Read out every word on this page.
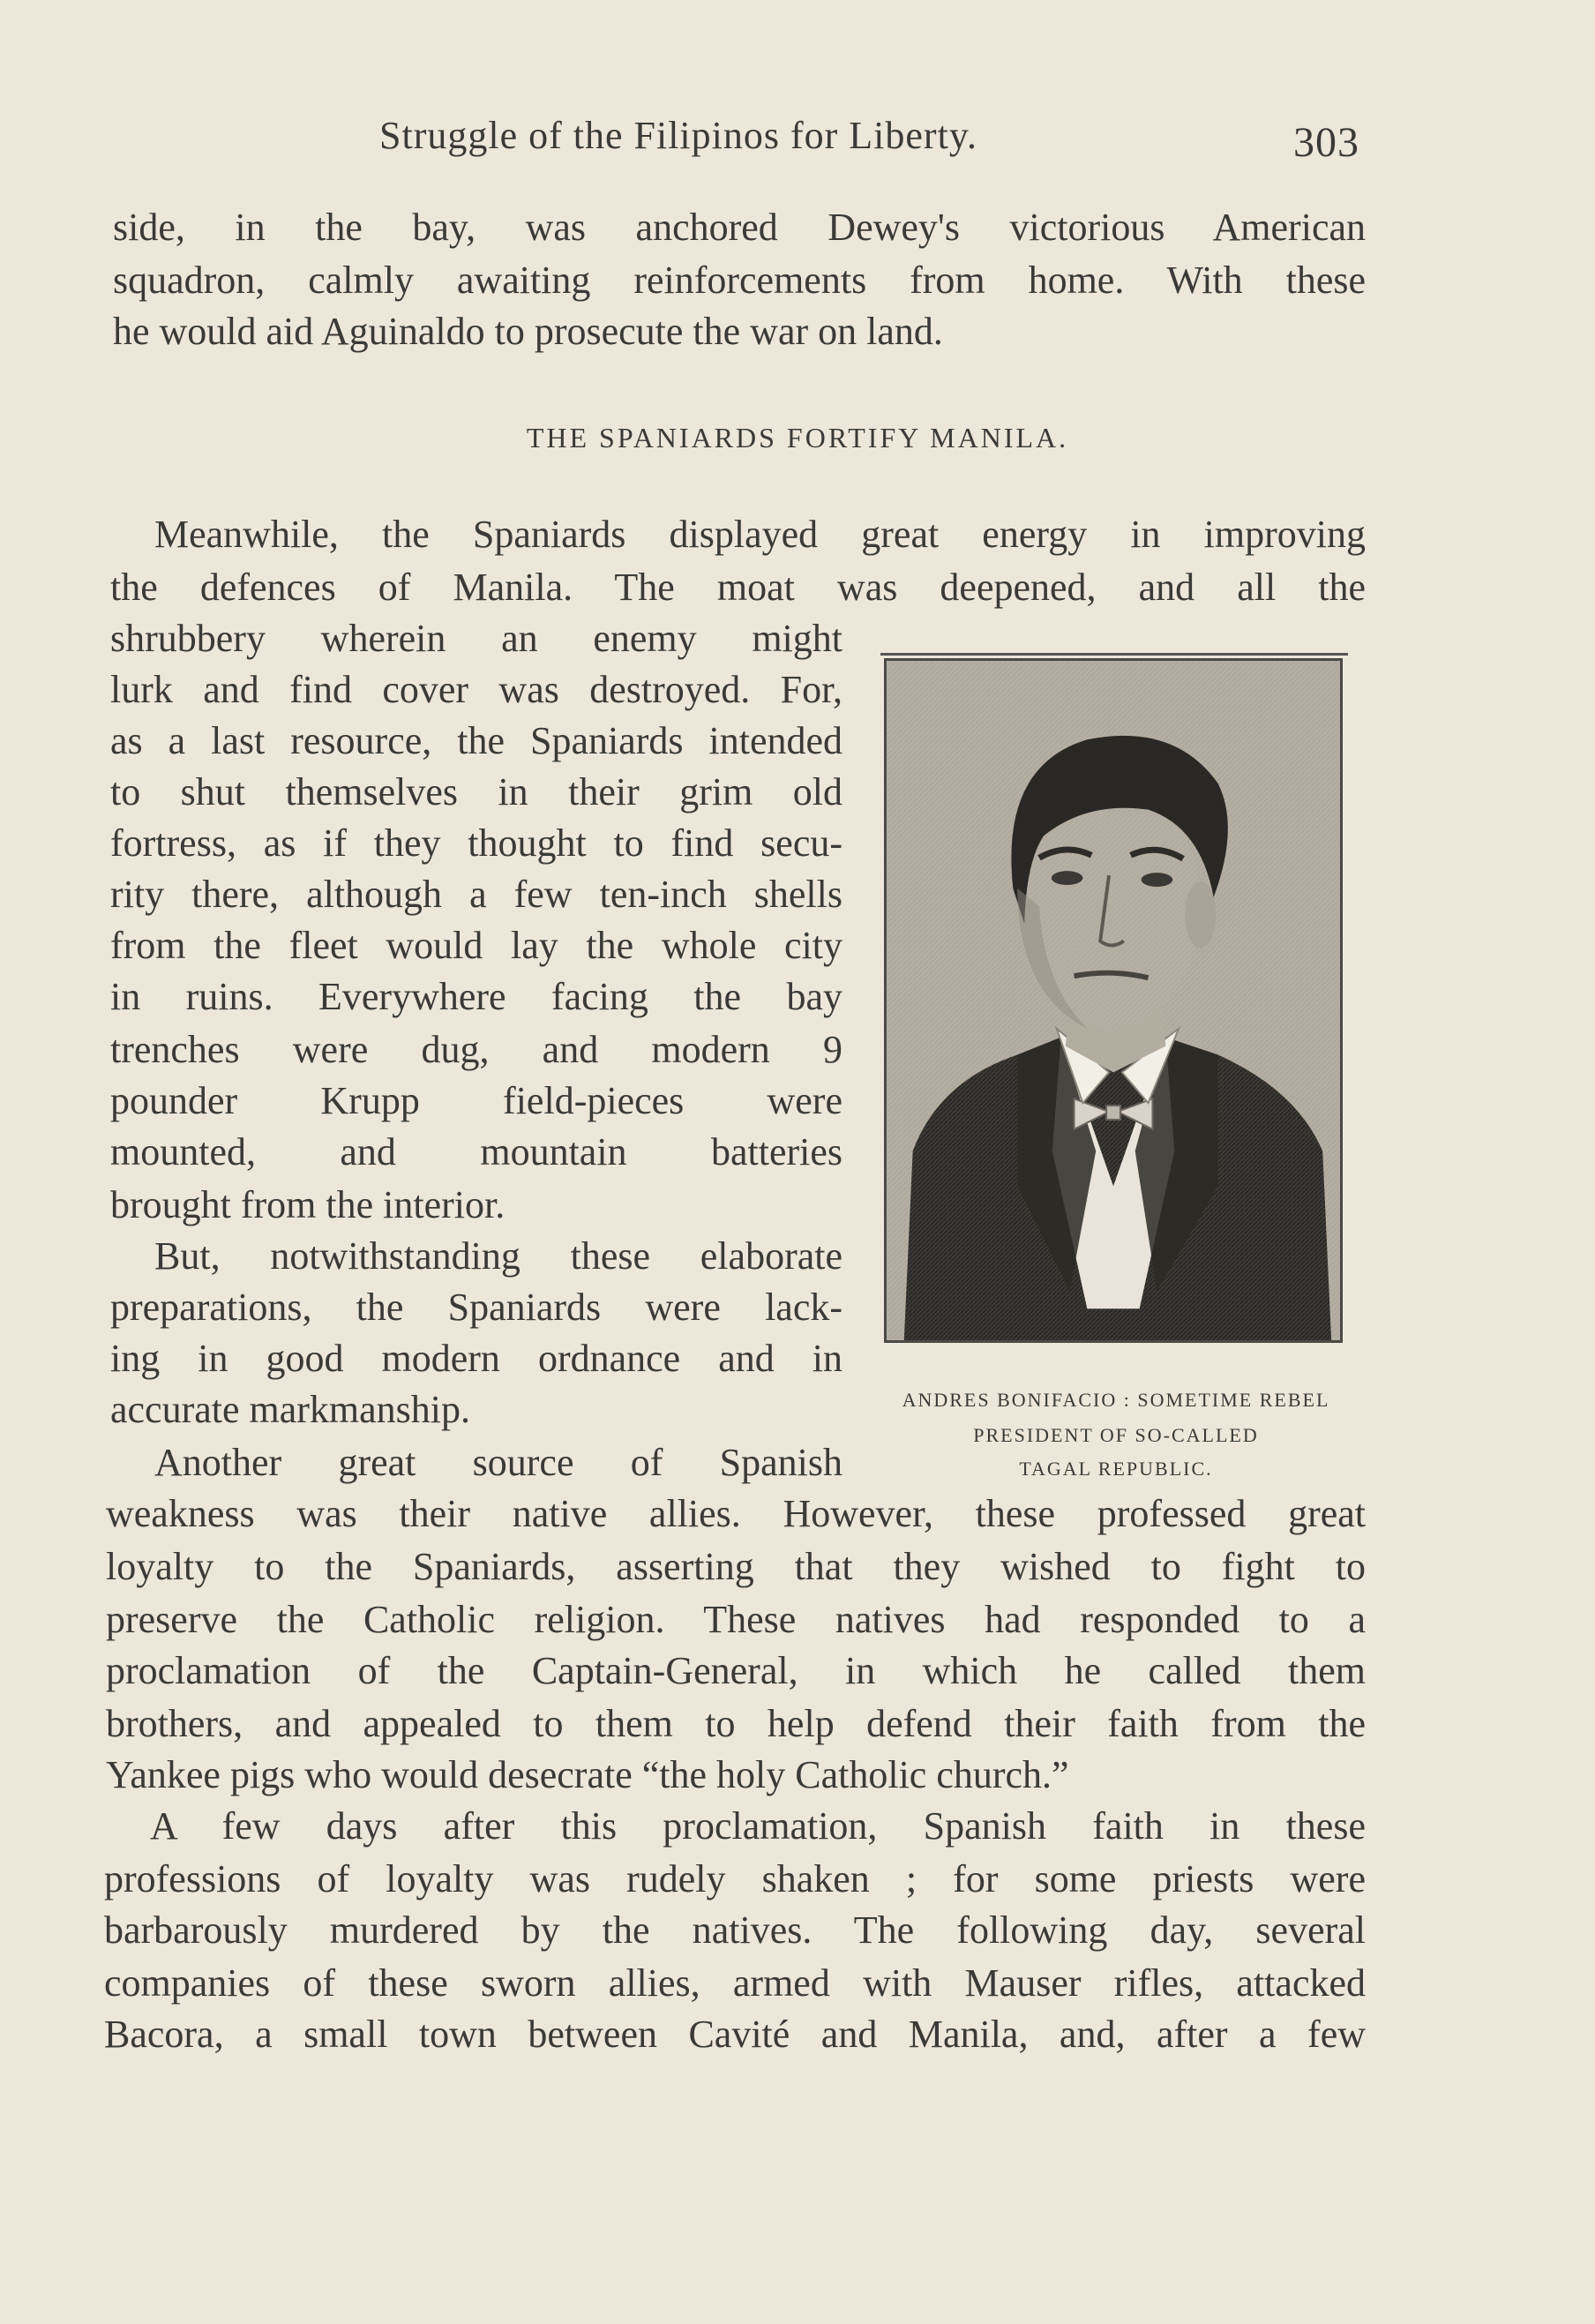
Struggle of the Filipinos for Liberty.	303
side, in the bay, was anchored Dewey's victorious American
squadron, calmly awaiting reinforcements from home. With these
he would aid Aguinaldo to prosecute the war on land.
THE SPANIARDS FORTIFY MANILA.
Meanwhile, the Spaniards displayed great energy in improving
the defences of Manila. The moat was deepened, and all the
shrubbery wherein an enemy might
lurk and find cover was destroyed. For,
as a last resource, the Spaniards intended
to shut themselves in their grim old
fortress, as if they thought to find secu-
rity there, although a few ten-inch shells
from the fleet would lay the whole city
in ruins. Everywhere facing the bay
trenches were dug, and modern 9
pounder Krupp field-pieces were
mounted, and mountain batteries
brought from the interior.
But, notwithstanding these elaborate
preparations, the Spaniards were lack-
ing in good modern ordnance and in
accurate markmanship.
Another great source of Spanish
ANDRES BONIFACIO : SOMETIME REBEL
PRESIDENT OF SO-CALLED
TAGAL REPUBLIC.
weakness was their native allies. However, these professed great
loyalty to the Spaniards, asserting that they wished to fight to
preserve the Catholic religion. These natives had responded to a
proclamation of the Captain-General, in which he called them
brothers, and appealed to them to help defend their faith from the
Yankee pigs who would desecrate “the holy Catholic church.”
A few days after this proclamation, Spanish faith in these
professions of loyalty was rudely shaken ; for some priests were
barbarously murdered by the natives. The following day, several
companies of these sworn allies, armed with Mauser rifles, attacked
Bacora, a small town between Cavité and Manila, and, after a few
